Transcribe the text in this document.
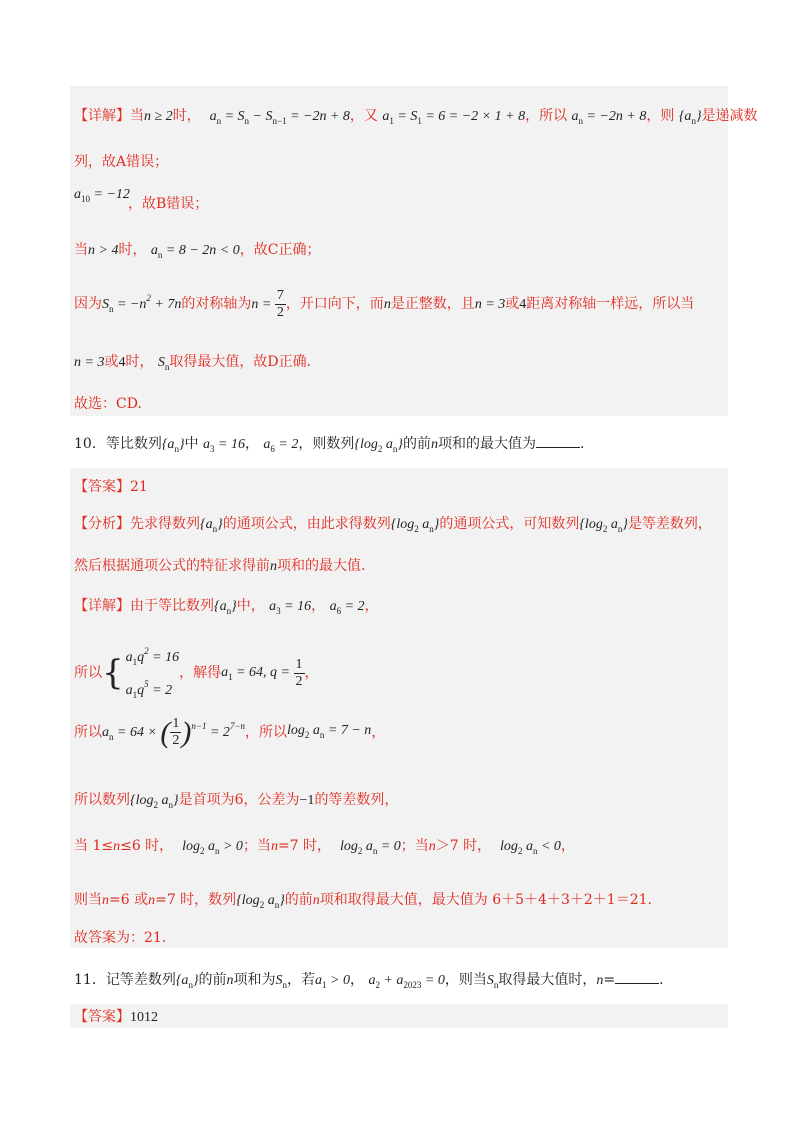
【详解】当n ≥ 2时， $a_n = S_n - S_{n-1} = -2n + 8$，又 $a_1 = S_1 = 6 = -2 \times 1 + 8$，所以 $a_n = -2n + 8$，则 $\{a_n\}$是递减数
列，故A错误；
$a_{10} = -12$
，故B错误；
当n > 4时， $a_n = 8 - 2n < 0$，故C正确；
因为$S_n = -n^2 + 7n$的对称轴为$n = \frac{7}{2}$ ，开口向下，而n是正整数，且n = 3或4距离对称轴一样远，所以当
n = 3或4时， $S_n$取得最大值，故D正确．
故选：CD.
10．等比数列$\{a_n\}$中 $a_3 = 16$， $a_6 = 2$，则数列{$\log_2$ $a_n$}的前n项和的最大值为	.
【答案】21
【分析】先求得数列$\{a_n\}$的通项公式，由此求得数列{$\log_2$ $a_n$}的通项公式，可知数列{$\log_2$ $a_n$}是等差数列，
然后根据通项公式的特征求得前n项和的最大值.
【详解】由于等比数列$\{a_n\}$中， $a_3 = 16$， $a_6 = 2$，
所以{ $a_1q^2 = 16$
$a_1q^5 = 2$，解得$a_1 = 64$, $q = \frac{1}{2}$ ，
所以$a_n = 64$ × ( $\frac{1}{2} )^{n-1} = 2^{7-n}$，所以$\log_2 a_n = 7 - n$，
所以数列{$\log_2$ $a_n$}是首项为6，公差为−1的等差数列，
当 1≤n≤6 时， $\log_2 a_n > 0$；当n=7 时， $\log_2 a_n = 0$；当n＞7 时， $\log_2 a_n < 0$，
则当n=6 或n=7 时，数列{$\log_2$ $a_n$}的前n项和取得最大值，最大值为 6＋5＋4＋3＋2＋1＝21.
故答案为：21.
11．记等差数列$\{a_n\}$的前n项和为$S_n$，若$a_1 > 0$， $a_2 + a_{2023} = 0$，则当$S_n$取得最大值时，n=	.
【答案】1012
